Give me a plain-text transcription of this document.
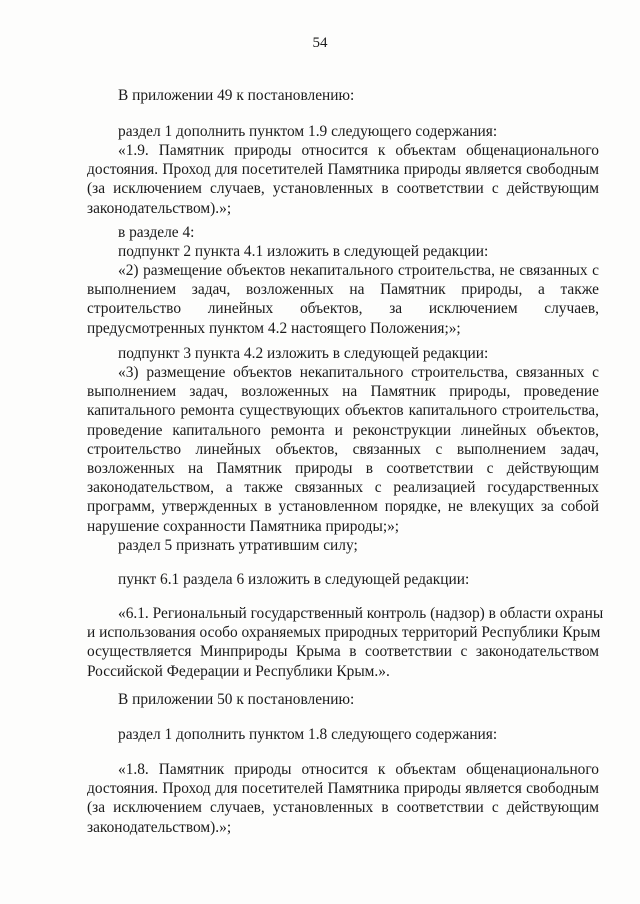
54
В приложении 49 к постановлению:
раздел 1 дополнить пунктом 1.9 следующего содержания:
«1.9. Памятник природы относится к объектам общенационального
достояния. Проход для посетителей Памятника природы является свободным
(за исключением случаев, установленных в соответствии с действующим
законодательством).»;
в разделе 4:
подпункт 2 пункта 4.1 изложить в следующей редакции:
«2) размещение объектов некапитального строительства, не связанных с
выполнением задач, возложенных на Памятник природы, а также
строительство линейных объектов, за исключением случаев,
предусмотренных пунктом 4.2 настоящего Положения;»;
подпункт 3 пункта 4.2 изложить в следующей редакции:
«3) размещение объектов некапитального строительства, связанных с
выполнением задач, возложенных на Памятник природы, проведение
капитального ремонта существующих объектов капитального строительства,
проведение капитального ремонта и реконструкции линейных объектов,
строительство линейных объектов, связанных с выполнением задач,
возложенных на Памятник природы в соответствии с действующим
законодательством, а также связанных с реализацией государственных
программ, утвержденных в установленном порядке, не влекущих за собой
нарушение сохранности Памятника природы;»;
раздел 5 признать утратившим силу;
пункт 6.1 раздела 6 изложить в следующей редакции:
«6.1. Региональный государственный контроль (надзор) в области охраны
и использования особо охраняемых природных территорий Республики Крым
осуществляется Минприроды Крыма в соответствии с законодательством
Российской Федерации и Республики Крым.».
В приложении 50 к постановлению:
раздел 1 дополнить пунктом 1.8 следующего содержания:
«1.8. Памятник природы относится к объектам общенационального
достояния. Проход для посетителей Памятника природы является свободным
(за исключением случаев, установленных в соответствии с действующим
законодательством).»;
